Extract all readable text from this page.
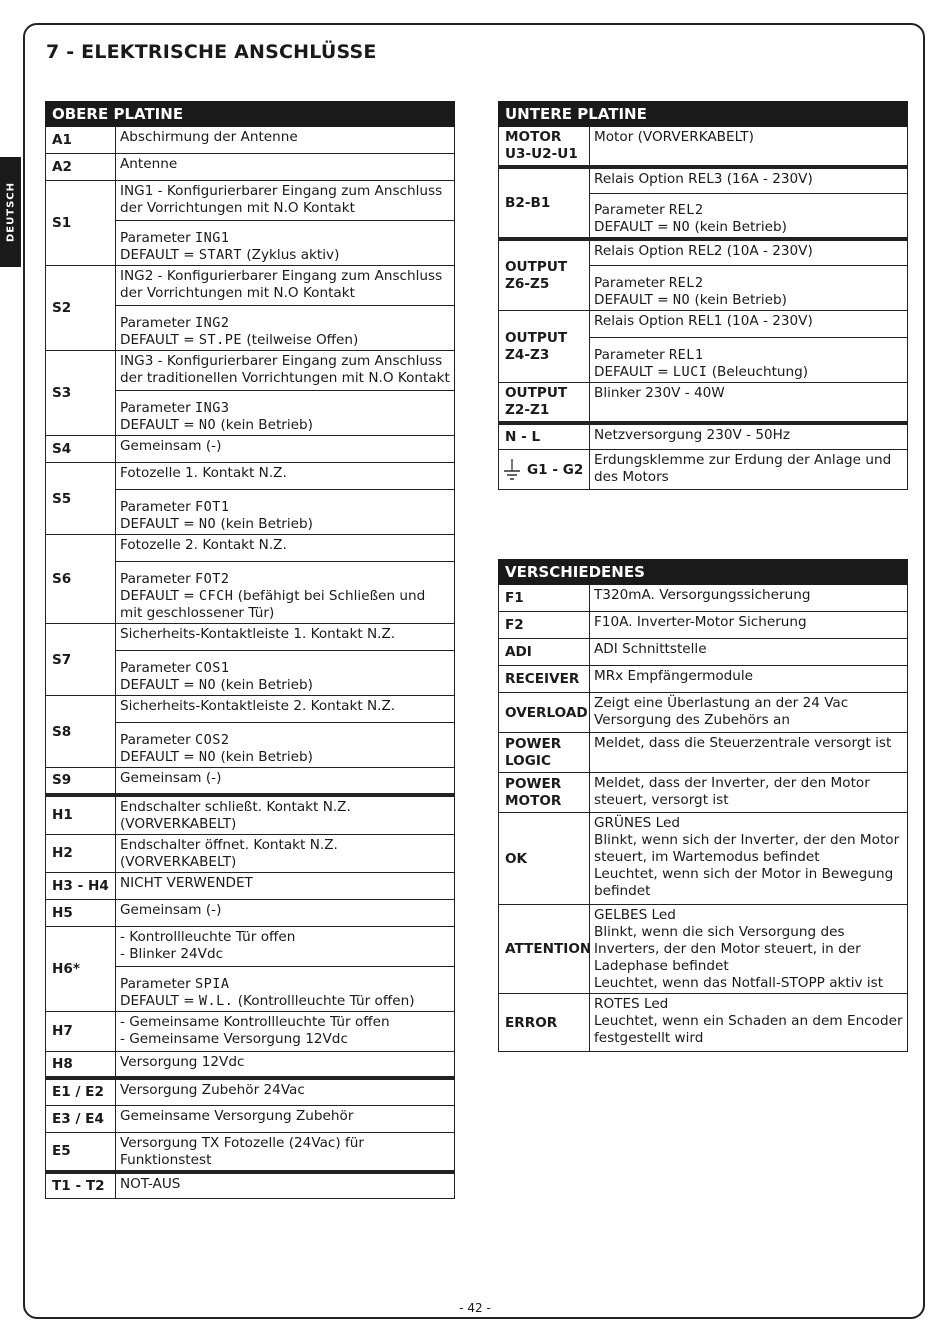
DEUTSCH
7 - ELEKTRISCHE ANSCHLÜSSE
OBERE PLATINE	
A1	Abschirmung der Antenne
A2	Antenne
S1	ING1 - Konfigurierbarer Eingang zum Anschluss der Vorrichtungen mit N.O Kontakt
	Parameter ING1
DEFAULT = START (Zyklus aktiv)
S2	ING2 - Konfigurierbarer Eingang zum Anschluss der Vorrichtungen mit N.O Kontakt
	Parameter ING2
DEFAULT = ST.PE (teilweise Offen)
S3	ING3 - Konfigurierbarer Eingang zum Anschluss der traditionellen Vorrichtungen mit N.O Kontakt
	Parameter ING3
DEFAULT = NO (kein Betrieb)
S4	Gemeinsam (-)
S5	Fotozelle 1. Kontakt N.Z.
	Parameter FOT1
DEFAULT = NO (kein Betrieb)
S6	Fotozelle 2. Kontakt N.Z.
	Parameter FOT2
DEFAULT = CFCH (befähigt bei Schließen und mit geschlossener Tür)
S7	Sicherheits-Kontaktleiste 1. Kontakt N.Z.
	Parameter COS1
DEFAULT = NO (kein Betrieb)
S8	Sicherheits-Kontaktleiste 2. Kontakt N.Z.
	Parameter COS2
DEFAULT = NO (kein Betrieb)
S9	Gemeinsam (-)
H1	Endschalter schließt. Kontakt N.Z. (VORVERKABELT)
H2	Endschalter öffnet. Kontakt N.Z. (VORVERKABELT)
H3 - H4	NICHT VERWENDET
H5	Gemeinsam (-)
H6*	- Kontrollleuchte Tür offen
- Blinker 24Vdc
	Parameter SPIA
DEFAULT = W.L. (Kontrollleuchte Tür offen)
H7	- Gemeinsame Kontrollleuchte Tür offen
- Gemeinsame Versorgung 12Vdc
H8	Versorgung 12Vdc
E1 / E2	Versorgung Zubehör 24Vac
E3 / E4	Gemeinsame Versorgung Zubehör
E5	Versorgung TX Fotozelle (24Vac) für Funktionstest
T1 - T2	NOT-AUS
UNTERE PLATINE	
MOTOR
U3-U2-U1	Motor (VORVERKABELT)
B2-B1	Relais Option REL3 (16A - 230V)
	Parameter REL2
DEFAULT = NO (kein Betrieb)
OUTPUT
Z6-Z5	Relais Option REL2 (10A - 230V)
	Parameter REL2
DEFAULT = NO (kein Betrieb)
OUTPUT
Z4-Z3	Relais Option REL1 (10A - 230V)
	Parameter REL1
DEFAULT = LUCI (Beleuchtung)
OUTPUT
Z2-Z1	Blinker 230V - 40W
N - L	Netzversorgung 230V - 50Hz
G1 - G2	Erdungsklemme zur Erdung der Anlage und des Motors
VERSCHIEDENES	
F1	T320mA. Versorgungssicherung
F2	F10A. Inverter-Motor Sicherung
ADI	ADI Schnittstelle
RECEIVER	MRx Empfängermodule
OVERLOAD	Zeigt eine Überlastung an der 24 Vac Versorgung des Zubehörs an
POWER
LOGIC	Meldet, dass die Steuerzentrale versorgt ist
POWER
MOTOR	Meldet, dass der Inverter, der den Motor steuert, versorgt ist
OK	GRÜNES Led
Blinkt, wenn sich der Inverter, der den Motor steuert, im Wartemodus befindet
Leuchtet, wenn sich der Motor in Bewegung befindet
ATTENTION	GELBES Led
Blinkt, wenn die sich Versorgung des Inverters, der den Motor steuert, in der Ladephase befindet
Leuchtet, wenn das Notfall-STOPP aktiv ist
ERROR	ROTES Led
Leuchtet, wenn ein Schaden an dem Encoder festgestellt wird
- 42 -
